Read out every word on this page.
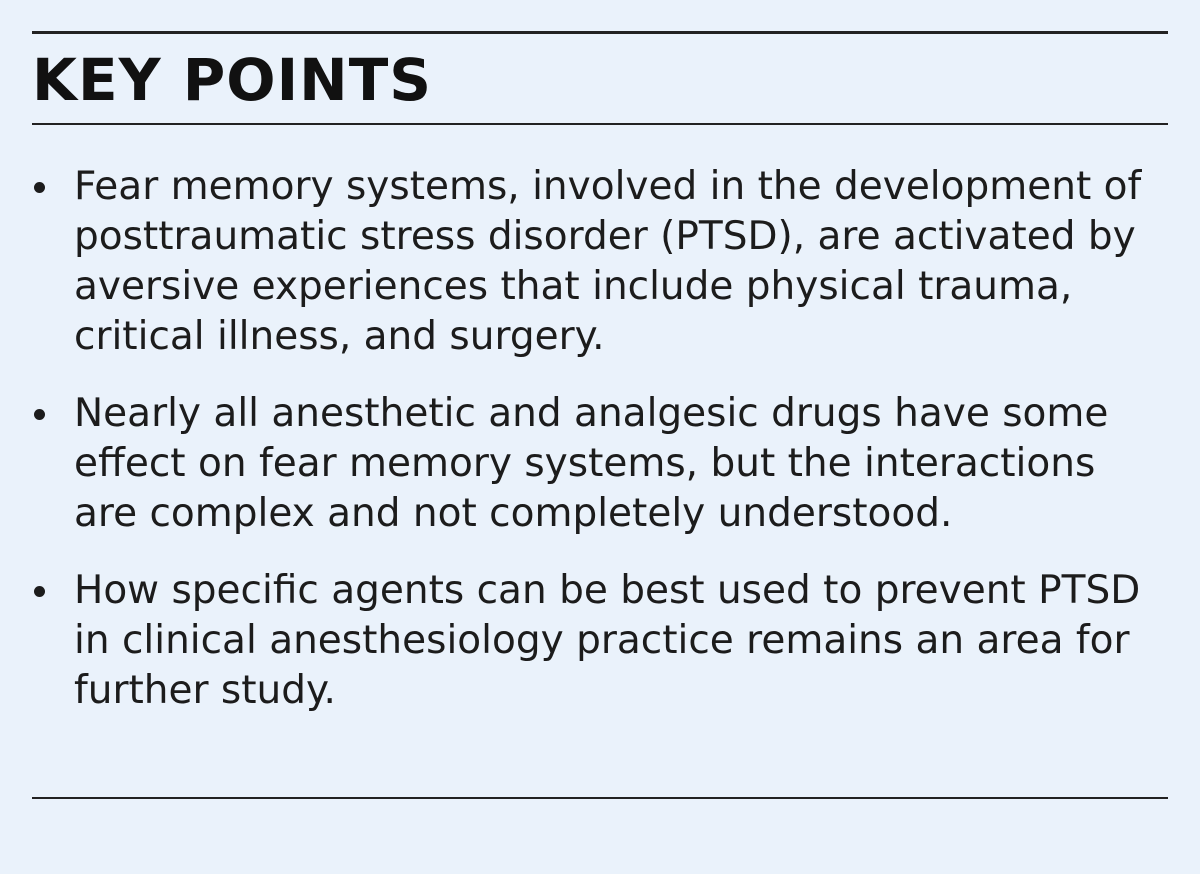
KEY POINTS
Fear memory systems, involved in the development of posttraumatic stress disorder (PTSD), are activated by aversive experiences that include physical trauma, critical illness, and surgery.
Nearly all anesthetic and analgesic drugs have some effect on fear memory systems, but the interactions are complex and not completely understood.
How specific agents can be best used to prevent PTSD in clinical anesthesiology practice remains an area for further study.
